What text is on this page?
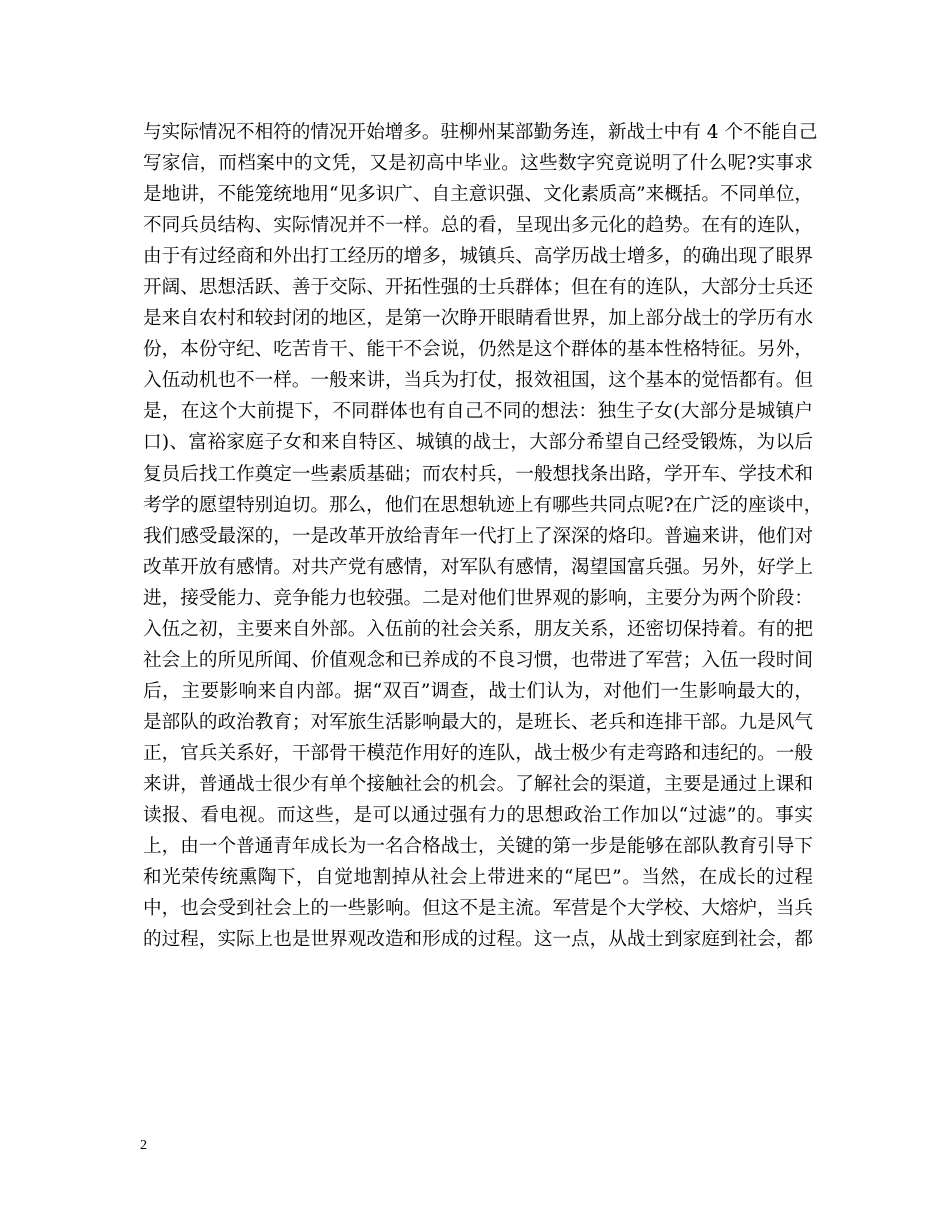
与实际情况不相符的情况开始增多。驻柳州某部勤务连，新战士中有 4 个不能自己
写家信，而档案中的文凭，又是初高中毕业。这些数字究竟说明了什么呢?实事求
是地讲，不能笼统地用“见多识广、自主意识强、文化素质高”来概括。不同单位，
不同兵员结构、实际情况并不一样。总的看，呈现出多元化的趋势。在有的连队，
由于有过经商和外出打工经历的增多，城镇兵、高学历战士增多，的确出现了眼界
开阔、思想活跃、善于交际、开拓性强的士兵群体；但在有的连队，大部分士兵还
是来自农村和较封闭的地区，是第一次睁开眼睛看世界，加上部分战士的学历有水
份，本份守纪、吃苦肯干、能干不会说，仍然是这个群体的基本性格特征。另外，
入伍动机也不一样。一般来讲，当兵为打仗，报效祖国，这个基本的觉悟都有。但
是，在这个大前提下，不同群体也有自己不同的想法：独生子女(大部分是城镇户
口)、富裕家庭子女和来自特区、城镇的战士，大部分希望自己经受锻炼，为以后
复员后找工作奠定一些素质基础；而农村兵，一般想找条出路，学开车、学技术和
考学的愿望特别迫切。那么，他们在思想轨迹上有哪些共同点呢?在广泛的座谈中，
我们感受最深的，一是改革开放给青年一代打上了深深的烙印。普遍来讲，他们对
改革开放有感情。对共产党有感情，对军队有感情，渴望国富兵强。另外，好学上
进，接受能力、竞争能力也较强。二是对他们世界观的影响，主要分为两个阶段：
入伍之初，主要来自外部。入伍前的社会关系，朋友关系，还密切保持着。有的把
社会上的所见所闻、价值观念和已养成的不良习惯，也带进了军营；入伍一段时间
后，主要影响来自内部。据“双百”调查，战士们认为，对他们一生影响最大的，
是部队的政治教育；对军旅生活影响最大的，是班长、老兵和连排干部。九是风气
正，官兵关系好，干部骨干模范作用好的连队，战士极少有走弯路和违纪的。一般
来讲，普通战士很少有单个接触社会的机会。了解社会的渠道，主要是通过上课和
读报、看电视。而这些，是可以通过强有力的思想政治工作加以“过滤”的。事实
上，由一个普通青年成长为一名合格战士，关键的第一步是能够在部队教育引导下
和光荣传统熏陶下，自觉地割掉从社会上带进来的“尾巴”。当然，在成长的过程
中，也会受到社会上的一些影响。但这不是主流。军营是个大学校、大熔炉，当兵
的过程，实际上也是世界观改造和形成的过程。这一点，从战士到家庭到社会，都
2
